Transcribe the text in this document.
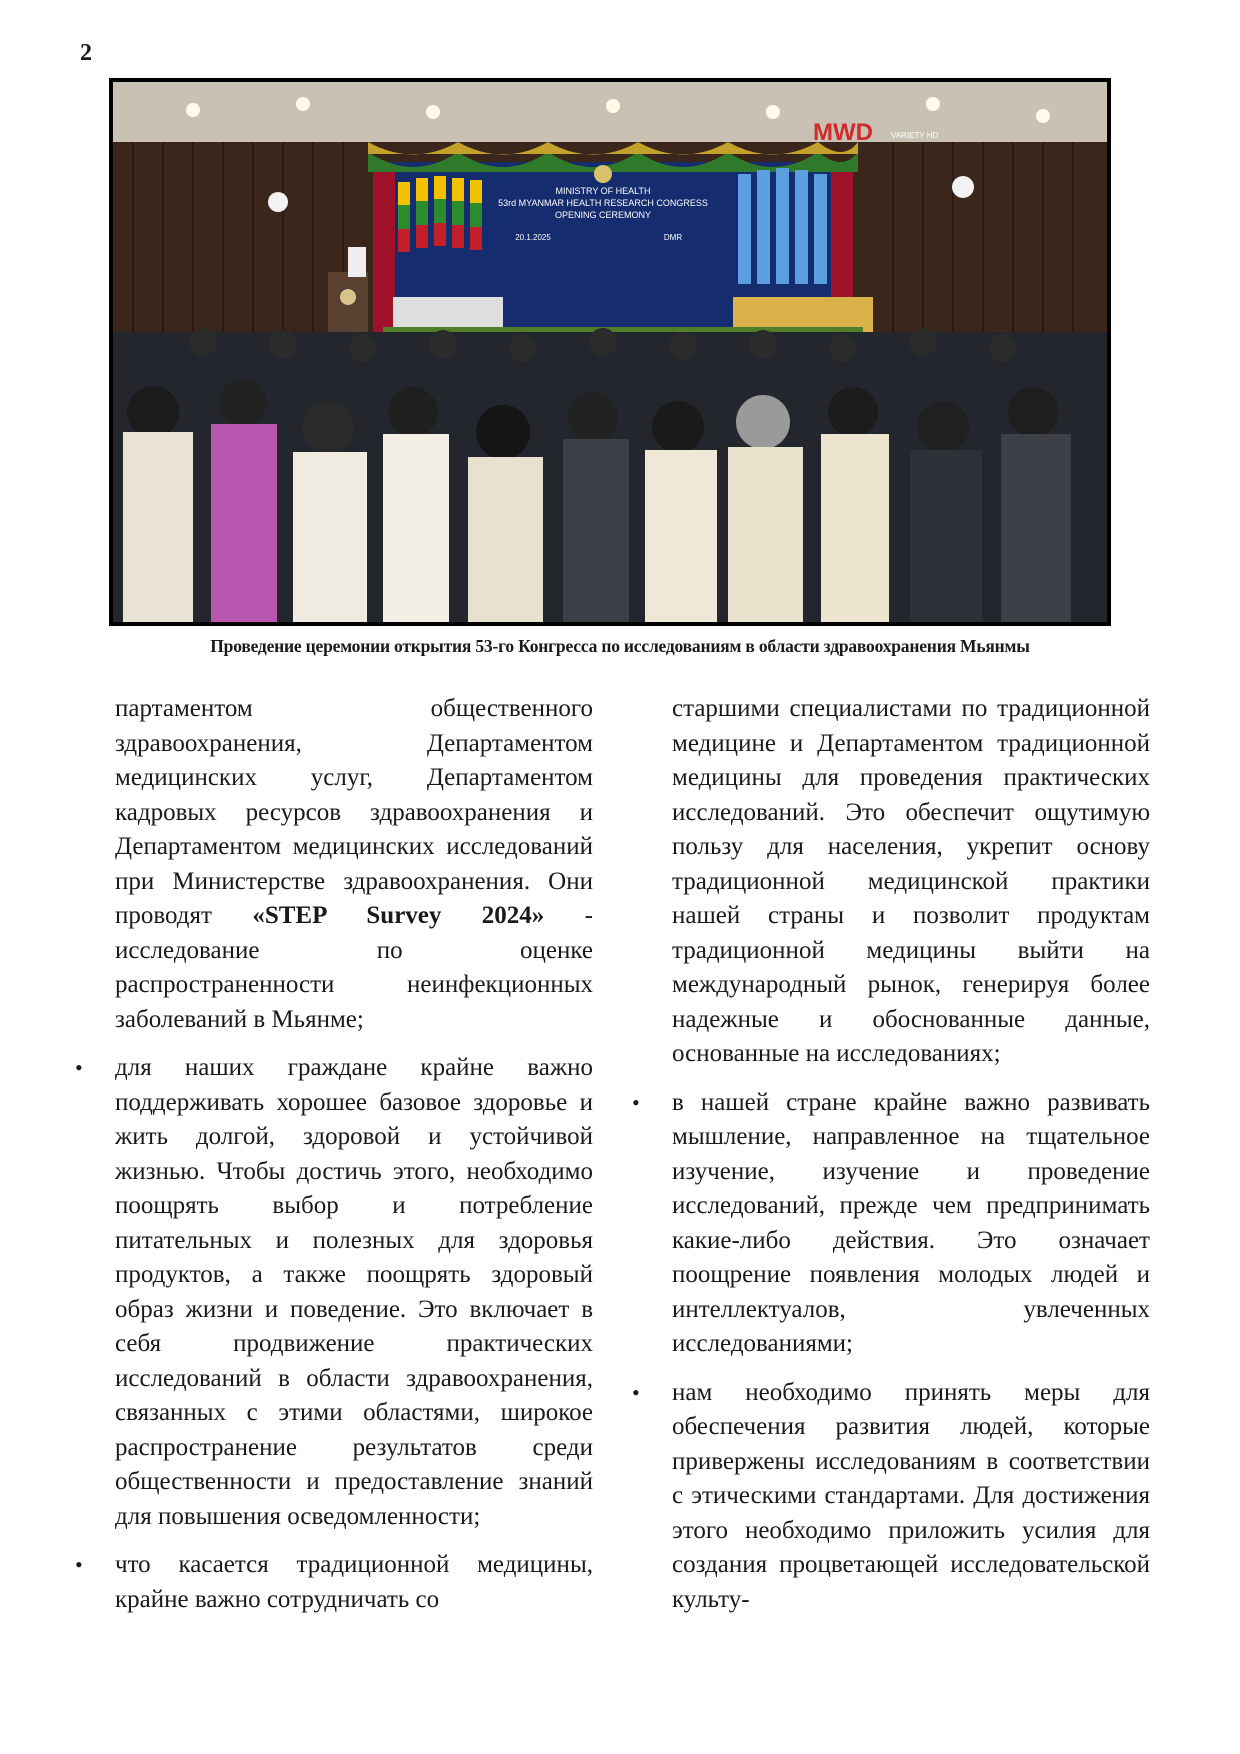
2
MINISTRY OF HEALTH
53rd MYANMAR HEALTH RESEARCH CONGRESS
OPENING CEREMONY
20.1.2025	DMR
MWD VARIETY HD
Проведение церемонии открытия 53-го Конгресса по исследованиям в области здравоохранения Мьянмы

партаментом общественного здравоохранения, Департаментом медицинских услуг, Департаментом кадровых ресурсов здравоохранения и Департаментом медицинских исследований при Министерстве здравоохранения. Они проводят «STEP Survey 2024» - исследование по оценке распространенности неинфекционных заболеваний в Мьянме;

• для наших граждане крайне важно поддерживать хорошее базовое здоровье и жить долгой, здоровой и устойчивой жизнью. Чтобы достичь этого, необходимо поощрять выбор и потребление питательных и полезных для здоровья продуктов, а также поощрять здоровый образ жизни и поведение. Это включает в себя продвижение практических исследований в области здравоохранения, связанных с этими областями, широкое распространение результатов среди общественности и предоставление знаний для повышения осведомленности;
• что касается традиционной медицины, крайне важно сотрудничать со

старшими специалистами по традиционной медицине и Департаментом традиционной медицины для проведения практических исследований. Это обеспечит ощутимую пользу для населения, укрепит основу традиционной медицинской практики нашей страны и позволит продуктам традиционной медицины выйти на международный рынок, генерируя более надежные и обоснованные данные, основанные на исследованиях;

• в нашей стране крайне важно развивать мышление, направленное на тщательное изучение, изучение и проведение исследований, прежде чем предпринимать какие-либо действия. Это означает поощрение появления молодых людей и интеллектуалов, увлеченных исследованиями;
• нам необходимо принять меры для обеспечения развития людей, которые привержены исследованиям в соответствии с этическими стандартами. Для достижения этого необходимо приложить усилия для создания процветающей исследовательской культу-
